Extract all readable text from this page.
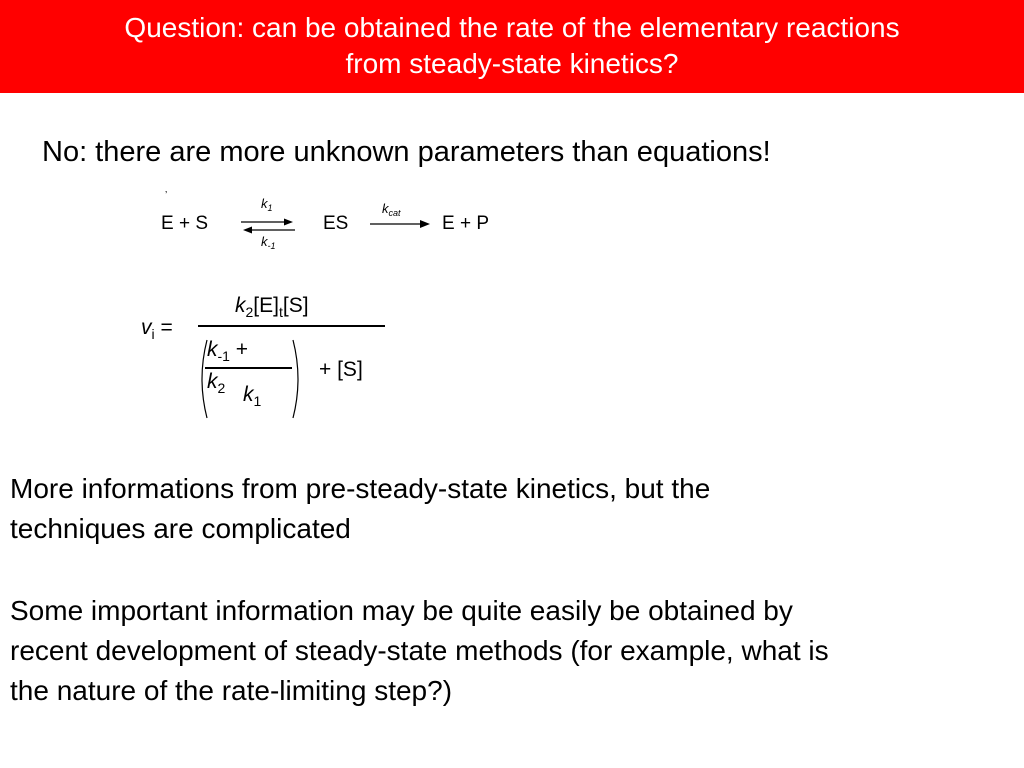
Question: can be obtained the rate of the elementary reactions
from steady-state kinetics?
No: there are more unknown parameters than equations!
’
E + S
$k_1$
$k_{-1}$
ES
$k_{cat}$ E + P
$v_i$ =
$k_2[E]_t[S]$
$k_{-1}$ +
$k_2$ $k_1$
+ [S]
More informations from pre-steady-state kinetics, but the
techniques are complicated
Some important information may be quite easily be obtained by
recent development of steady-state methods (for example, what is
the nature of the rate-limiting step?)
